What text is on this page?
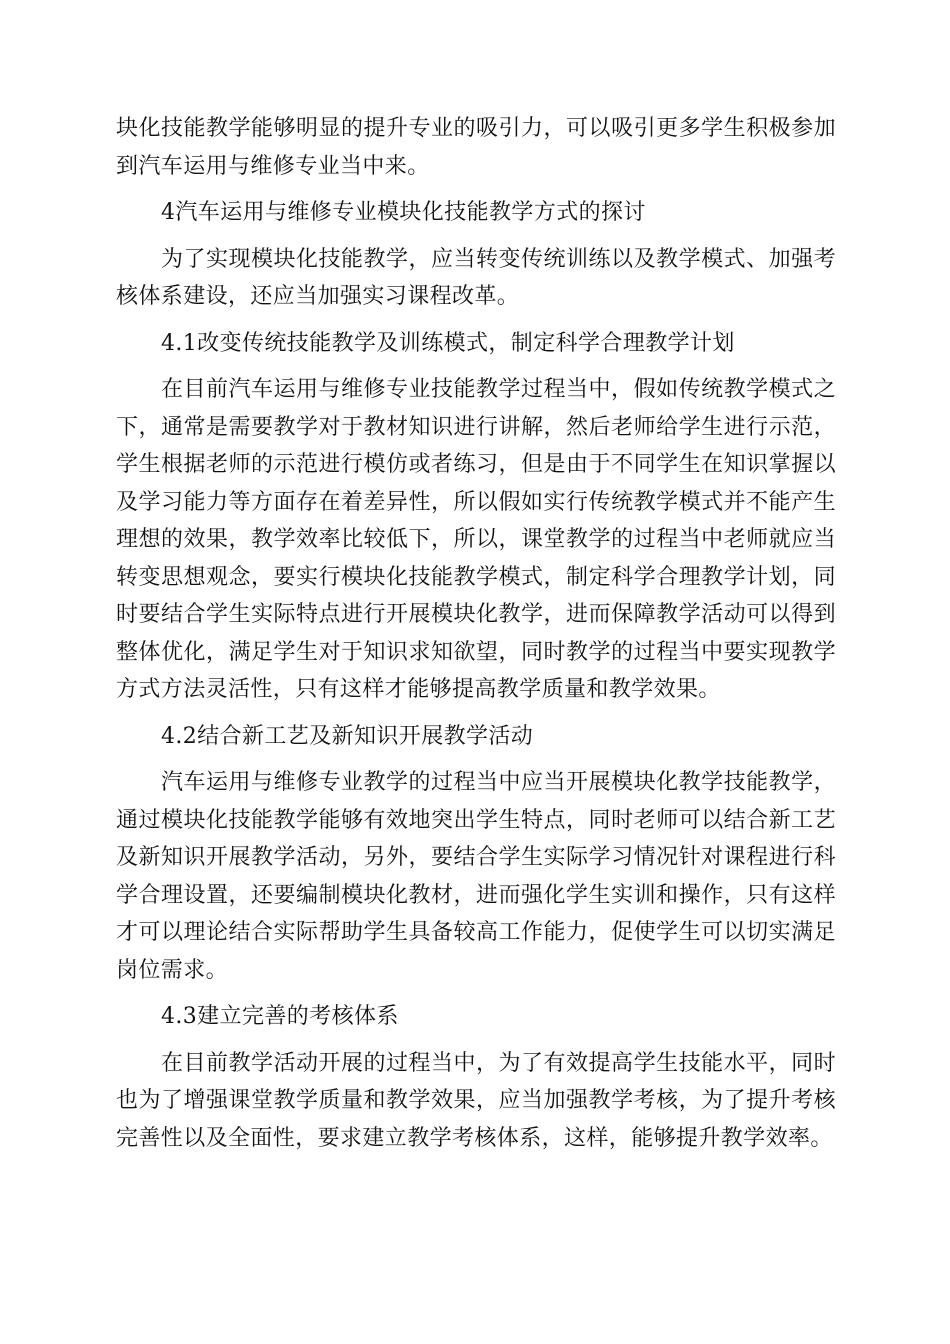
块化技能教学能够明显的提升专业的吸引力，可以吸引更多学生积极参加到汽车运用与维修专业当中来。

4汽车运用与维修专业模块化技能教学方式的探讨

为了实现模块化技能教学，应当转变传统训练以及教学模式、加强考核体系建设，还应当加强实习课程改革。

4.1改变传统技能教学及训练模式，制定科学合理教学计划

在目前汽车运用与维修专业技能教学过程当中，假如传统教学模式之下，通常是需要教学对于教材知识进行讲解，然后老师给学生进行示范，学生根据老师的示范进行模仿或者练习，但是由于不同学生在知识掌握以及学习能力等方面存在着差异性，所以假如实行传统教学模式并不能产生理想的效果，教学效率比较低下，所以，课堂教学的过程当中老师就应当转变思想观念，要实行模块化技能教学模式，制定科学合理教学计划，同时要结合学生实际特点进行开展模块化教学，进而保障教学活动可以得到整体优化，满足学生对于知识求知欲望，同时教学的过程当中要实现教学方式方法灵活性，只有这样才能够提高教学质量和教学效果。

4.2结合新工艺及新知识开展教学活动

汽车运用与维修专业教学的过程当中应当开展模块化教学技能教学，通过模块化技能教学能够有效地突出学生特点，同时老师可以结合新工艺及新知识开展教学活动，另外，要结合学生实际学习情况针对课程进行科学合理设置，还要编制模块化教材，进而强化学生实训和操作，只有这样才可以理论结合实际帮助学生具备较高工作能力，促使学生可以切实满足岗位需求。

4.3建立完善的考核体系

在目前教学活动开展的过程当中，为了有效提高学生技能水平，同时也为了增强课堂教学质量和教学效果，应当加强教学考核，为了提升考核完善性以及全面性，要求建立教学考核体系，这样，能够提升教学效率。
